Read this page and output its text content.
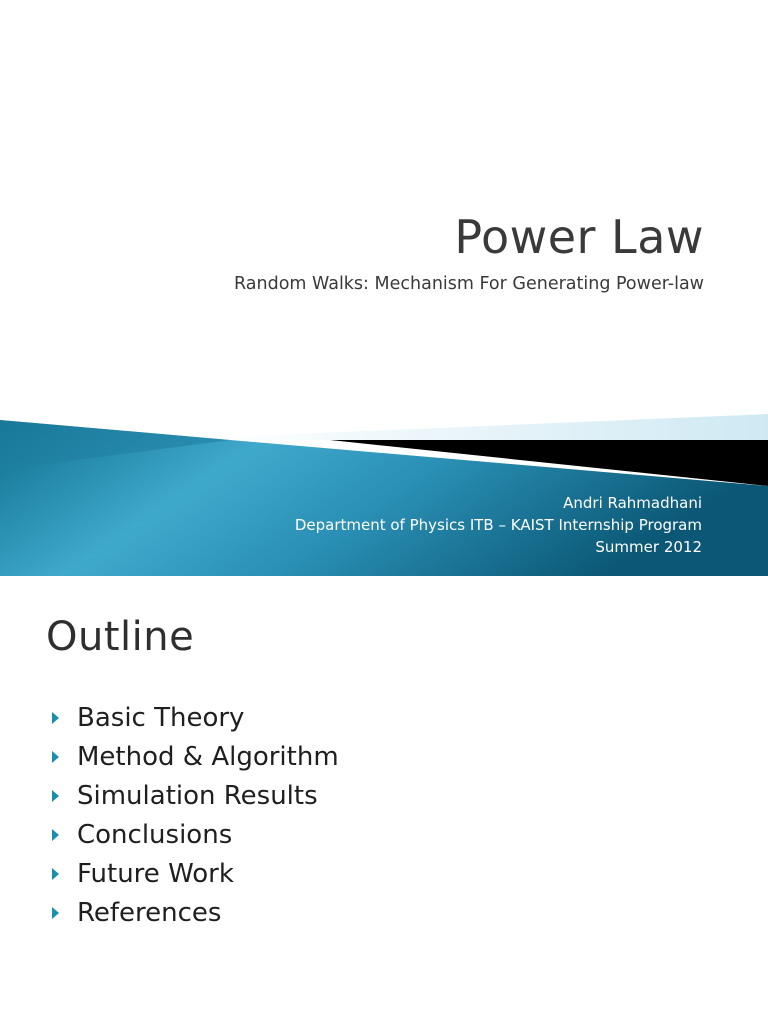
Power Law
Random Walks: Mechanism For Generating Power-law
Andri Rahmadhani
Department of Physics ITB – KAIST Internship Program
Summer 2012
Outline
Basic Theory
Method & Algorithm
Simulation Results
Conclusions
Future Work
References
